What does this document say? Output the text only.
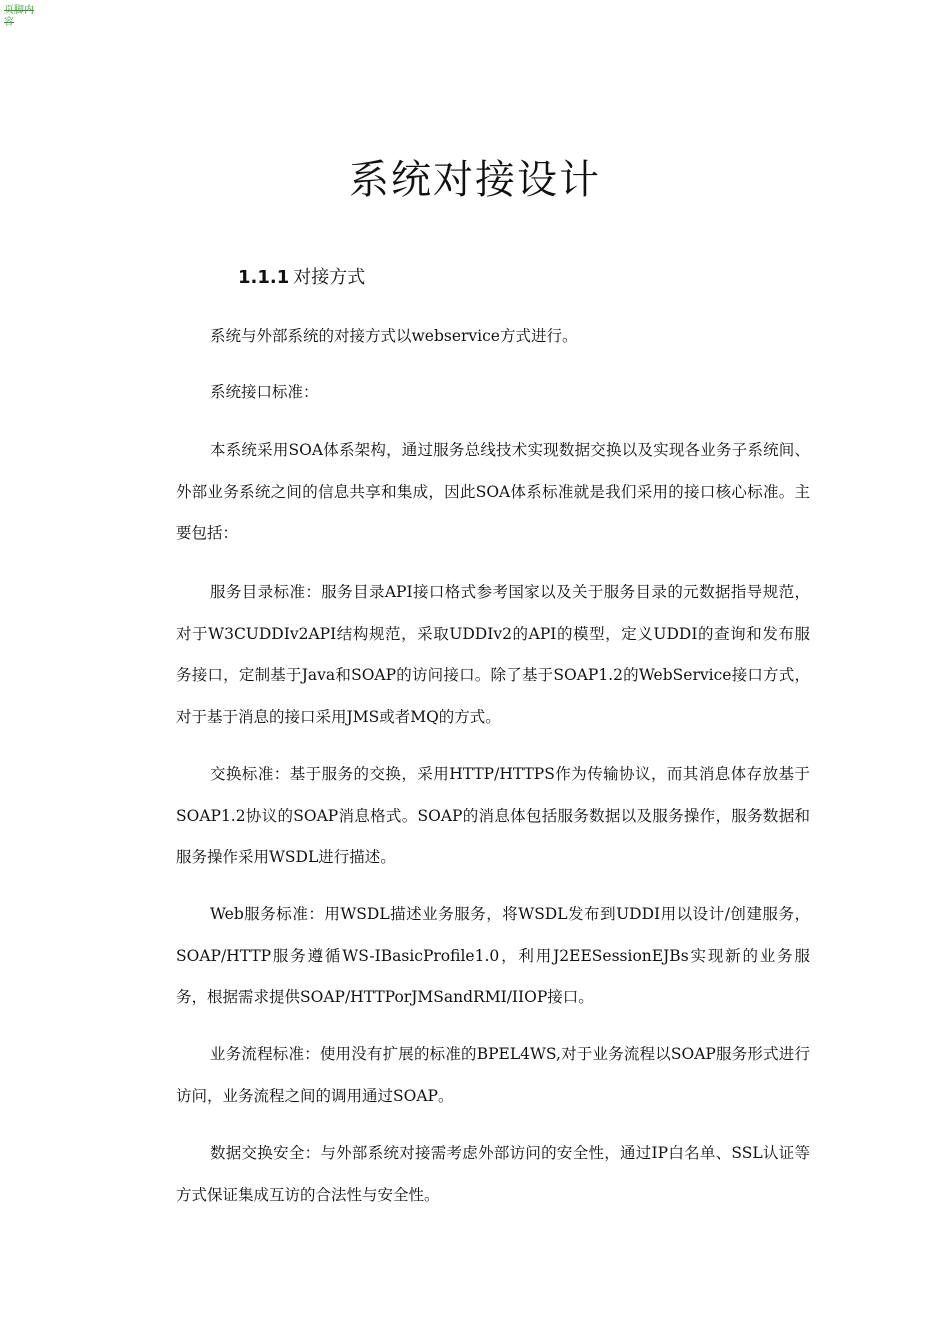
页脚内容
系统对接设计
1.1.1 对接方式

系统与外部系统的对接方式以webservice方式进行。

系统接口标准：

本系统采用SOA体系架构，通过服务总线技术实现数据交换以及实现各业务子系统间、外部业务系统之间的信息共享和集成，因此SOA体系标准就是我们采用的接口核心标准。主要包括：

服务目录标准：服务目录API接口格式参考国家以及关于服务目录的元数据指导规范，对于W3CUDDIv2API结构规范，采取UDDIv2的API的模型，定义UDDI的查询和发布服务接口，定制基于Java和SOAP的访问接口。除了基于SOAP1.2的WebService接口方式，对于基于消息的接口采用JMS或者MQ的方式。

交换标准：基于服务的交换，采用HTTP/HTTPS作为传输协议，而其消息体存放基于SOAP1.2协议的SOAP消息格式。SOAP的消息体包括服务数据以及服务操作，服务数据和服务操作采用WSDL进行描述。

Web服务标准：用WSDL描述业务服务，将WSDL发布到UDDI用以设计/创建服务，SOAP/HTTP服务遵循WS-IBasicProfile1.0，利用J2EESessionEJBs实现新的业务服务，根据需求提供SOAP/HTTPorJMSandRMI/IIOP接口。

业务流程标准：使用没有扩展的标准的BPEL4WS,对于业务流程以SOAP服务形式进行访问，业务流程之间的调用通过SOAP。

数据交换安全：与外部系统对接需考虑外部访问的安全性，通过IP白名单、SSL认证等方式保证集成互访的合法性与安全性。
